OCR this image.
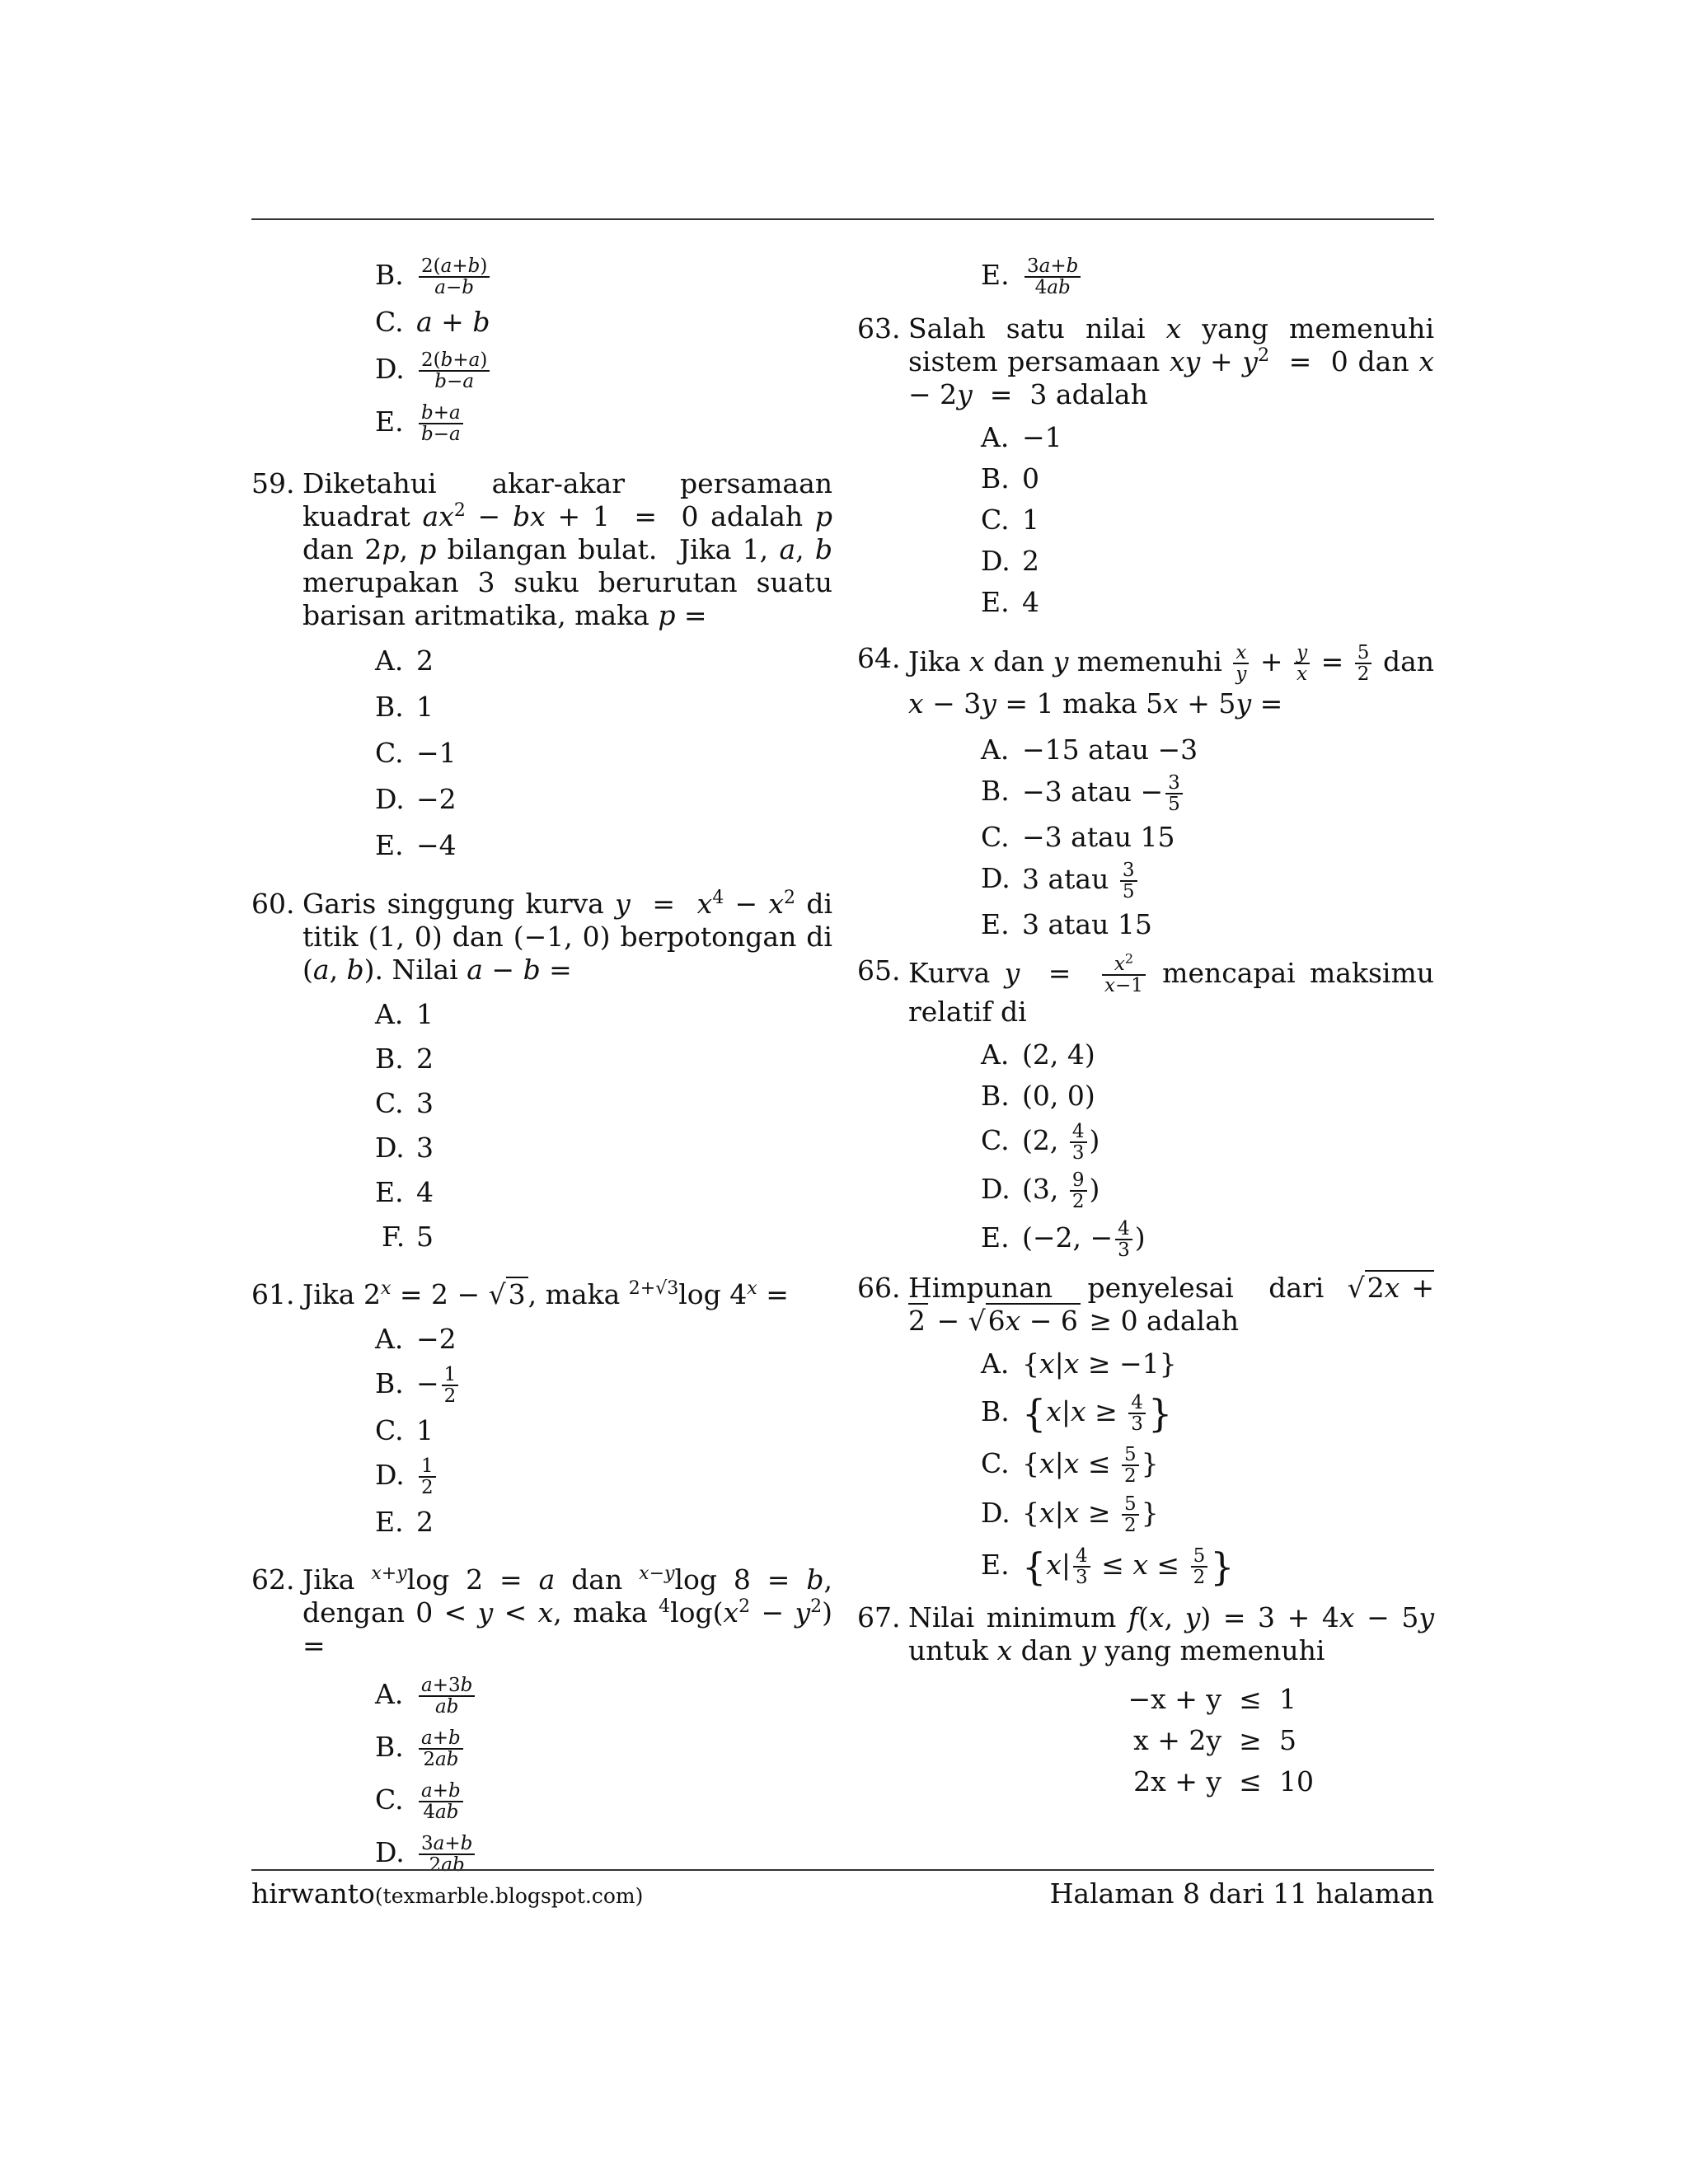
B. $\frac{2(a+b)}{a-b}$
C. a + b
D. $\frac{2(b+a)}{b-a}$
E. $\frac{b+a}{b-a}$
59. Diketahui akar-akar persamaan kuadrat $ax^2$ − bx + 1  =  0 adalah p dan 2p, p bilangan bulat.  Jika 1, a, b merupakan 3 suku berurutan suatu barisan aritmatika, maka p =
A. 2
B. 1
C. −1
D. −2
E. −4
60. Garis singgung kurva $y = x^4 - x^2$ di titik (1, 0) dan (−1, 0) berpotongan di (a, b). Nilai a − b =
A. 1
B. 2
C. 3
D. 3
E. 4
F. 5
61. Jika $2^x = 2 - √3$, maka $^{2+√3}$log $4^x$ =
A. −2
B. − $\frac{1}{2}$
C. 1
D. $\frac{1}{2}$
E. 2
62. Jika $^{x+y}$log 2 = a dan $^{x-y}$log 8 = b, dengan 0 < y < x, maka $^4\log(x^2 - y^2)$ =
A. $\frac{a+3b}{ab}$
B. $\frac{a+b}{2ab}$
C. $\frac{a+b}{4ab}$
D. $\frac{3a+b}{2ab}$
E. $\frac{3a+b}{4ab}$
63. Salah satu nilai x yang memenuhi sistem persamaan xy + $y^2 = 0$ dan x − 2y  =  3 adalah
A. −1
B. 0
C. 1
D. 2
E. 4
64. Jika x dan y memenuhi $\frac{x}{y} + \frac{y}{x} = \frac{5}{2}$ dan x − 3y = 1 maka 5x + 5y =
A. −15 atau −3
B. −3 atau − $\frac{3}{5}$
C. −3 atau 15
D. 3 atau $\frac{3}{5}$
E. 3 atau 15
65. Kurva $y = \frac{x^2}{x-1}$ mencapai maksimu relatif di
A. (2, 4)
B. (0, 0)
C. (2, $\frac{4}{3}$ )
D. (3, $\frac{9}{2}$ )
E. (−2, − $\frac{4}{3}$ )
66. Himpunan   penyelesai   dari  √2x + 2 − √6x − 6 ≥ 0 adalah
A. {x|x ≥ −1}
B. {$x|x \ge \frac{4}{3}$ }
C. {$x|x \le \frac{5}{2}$ }
D. {$x|x \ge \frac{5}{2}$ }
E. {$x| \frac{4}{3} \le x \le \frac{5}{2}$ }
67. Nilai minimum f(x, y) = 3 + 4x − 5y untuk x dan y yang memenuhi
−x + y ≤ 1
x + 2y ≥ 5
2x + y ≤ 10
hirwanto(texmarble.blogspot.com)	Halaman 8 dari 11 halaman
